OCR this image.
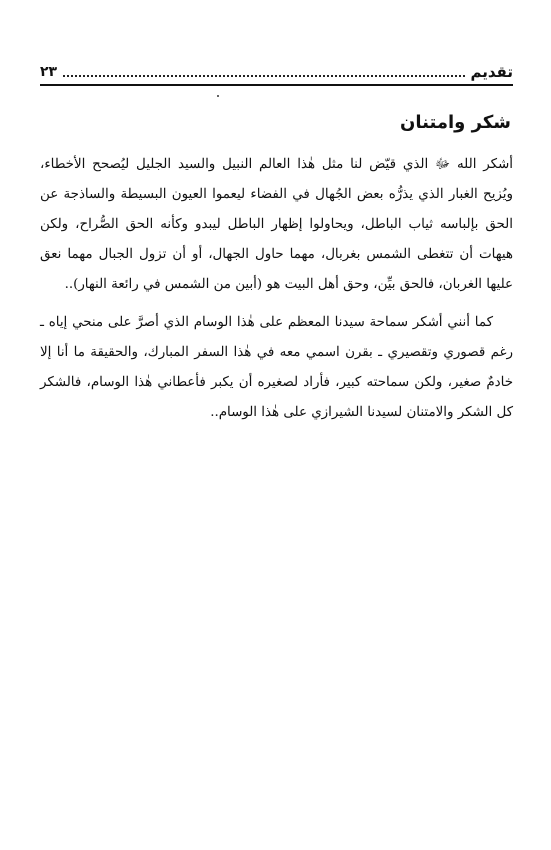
تقديم
٢٣
شكر وامتنان

أشكر الله ﷻ الذي قيّض لنا مثل هٰذا العالم النبيل والسيد الجليل ليُصحح الأخطاء، ويُزيح الغبار الذي يذرُّه بعض الجُهال في الفضاء ليعموا العيون البسيطة والساذجة عن الحق بإلباسه ثياب الباطل، ويحاولوا إظهار الباطل ليبدو وكأنه الحق الصُّراح، ولكن هيهات أن تتغطى الشمس بغربال، مهما حاول الجهال، أو أن تزول الجبال مهما نعق عليها الغربان، فالحق بيِّن، وحق أهل البيت هو (أبين من الشمس في رائعة النهار)..

كما أنني أشكر سماحة سيدنا المعظم على هٰذا الوسام الذي أصرَّ على منحي إياه ـ رغم قصوري وتقصيري ـ بقرن اسمي معه في هٰذا السفر المبارك، والحقيقة ما أنا إلا خادمٌ صغير، ولكن سماحته كبير، فأراد لصغيره أن يكبر فأعطاني هٰذا الوسام، فالشكر كل الشكر والامتنان لسيدنا الشيرازي على هٰذا الوسام..
